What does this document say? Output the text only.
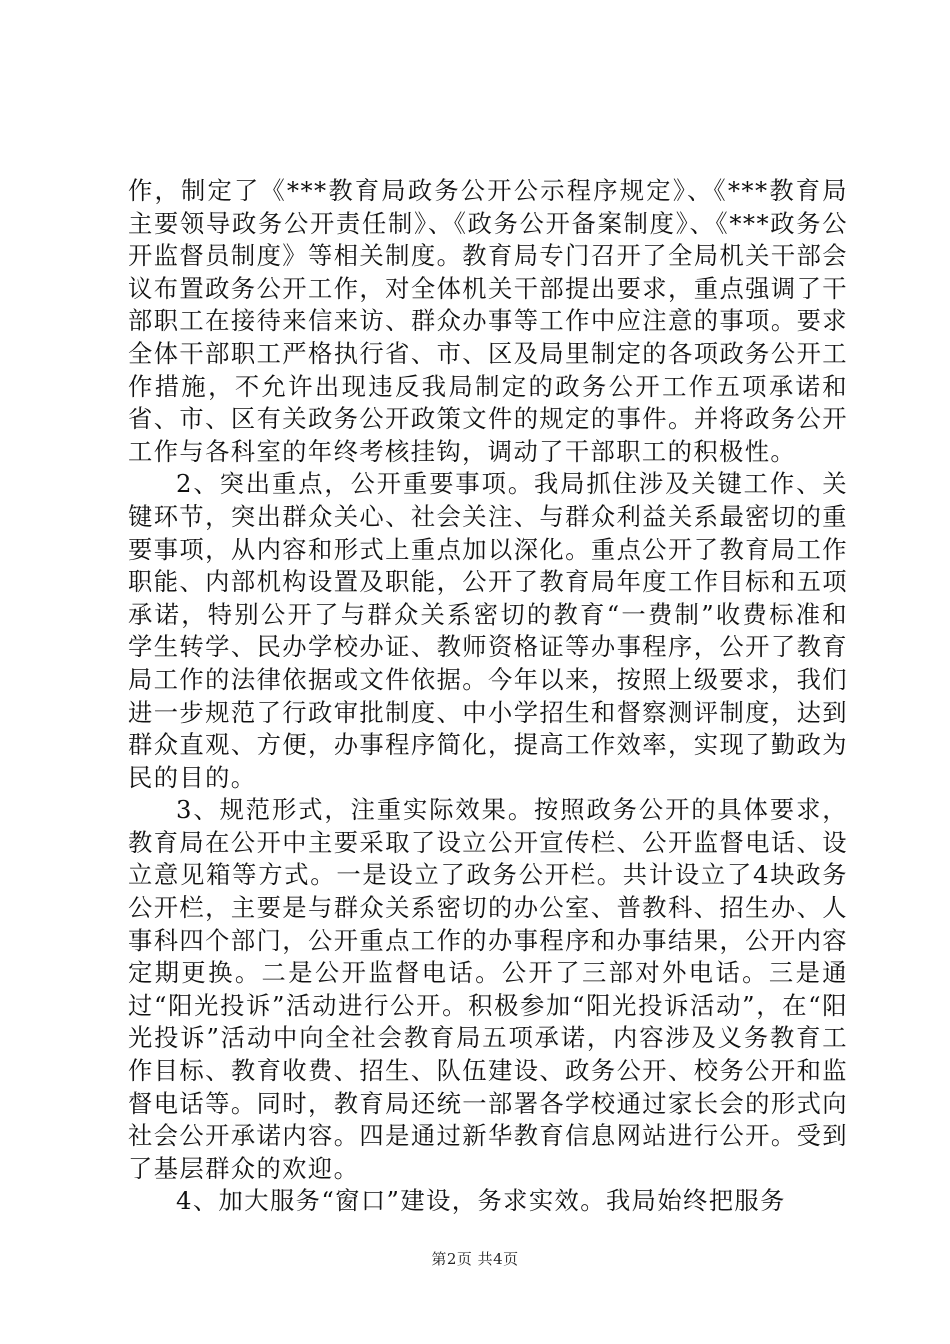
作，制定了《***教育局政务公开公示程序规定》、《***教育局主要领导政务公开责任制》、《政务公开备案制度》、《***政务公开监督员制度》等相关制度。教育局专门召开了全局机关干部会议布置政务公开工作，对全体机关干部提出要求，重点强调了干部职工在接待来信来访、群众办事等工作中应注意的事项。要求全体干部职工严格执行省、市、区及局里制定的各项政务公开工作措施，不允许出现违反我局制定的政务公开工作五项承诺和省、市、区有关政务公开政策文件的规定的事件。并将政务公开工作与各科室的年终考核挂钩，调动了干部职工的积极性。

2、突出重点，公开重要事项。我局抓住涉及关键工作、关键环节，突出群众关心、社会关注、与群众利益关系最密切的重要事项，从内容和形式上重点加以深化。重点公开了教育局工作职能、内部机构设置及职能，公开了教育局年度工作目标和五项承诺，特别公开了与群众关系密切的教育“一费制”收费标准和学生转学、民办学校办证、教师资格证等办事程序，公开了教育局工作的法律依据或文件依据。今年以来，按照上级要求，我们进一步规范了行政审批制度、中小学招生和督察测评制度，达到群众直观、方便，办事程序简化，提高工作效率，实现了勤政为民的目的。

3、规范形式，注重实际效果。按照政务公开的具体要求，教育局在公开中主要采取了设立公开宣传栏、公开监督电话、设立意见箱等方式。一是设立了政务公开栏。共计设立了4块政务公开栏，主要是与群众关系密切的办公室、普教科、招生办、人事科四个部门，公开重点工作的办事程序和办事结果，公开内容定期更换。二是公开监督电话。公开了三部对外电话。三是通过“阳光投诉”活动进行公开。积极参加“阳光投诉活动”，在“阳光投诉”活动中向全社会教育局五项承诺，内容涉及义务教育工作目标、教育收费、招生、队伍建设、政务公开、校务公开和监督电话等。同时，教育局还统一部署各学校通过家长会的形式向社会公开承诺内容。四是通过新华教育信息网站进行公开。受到了基层群众的欢迎。

4、加大服务“窗口”建设，务求实效。我局始终把服务

第2页 共4页
